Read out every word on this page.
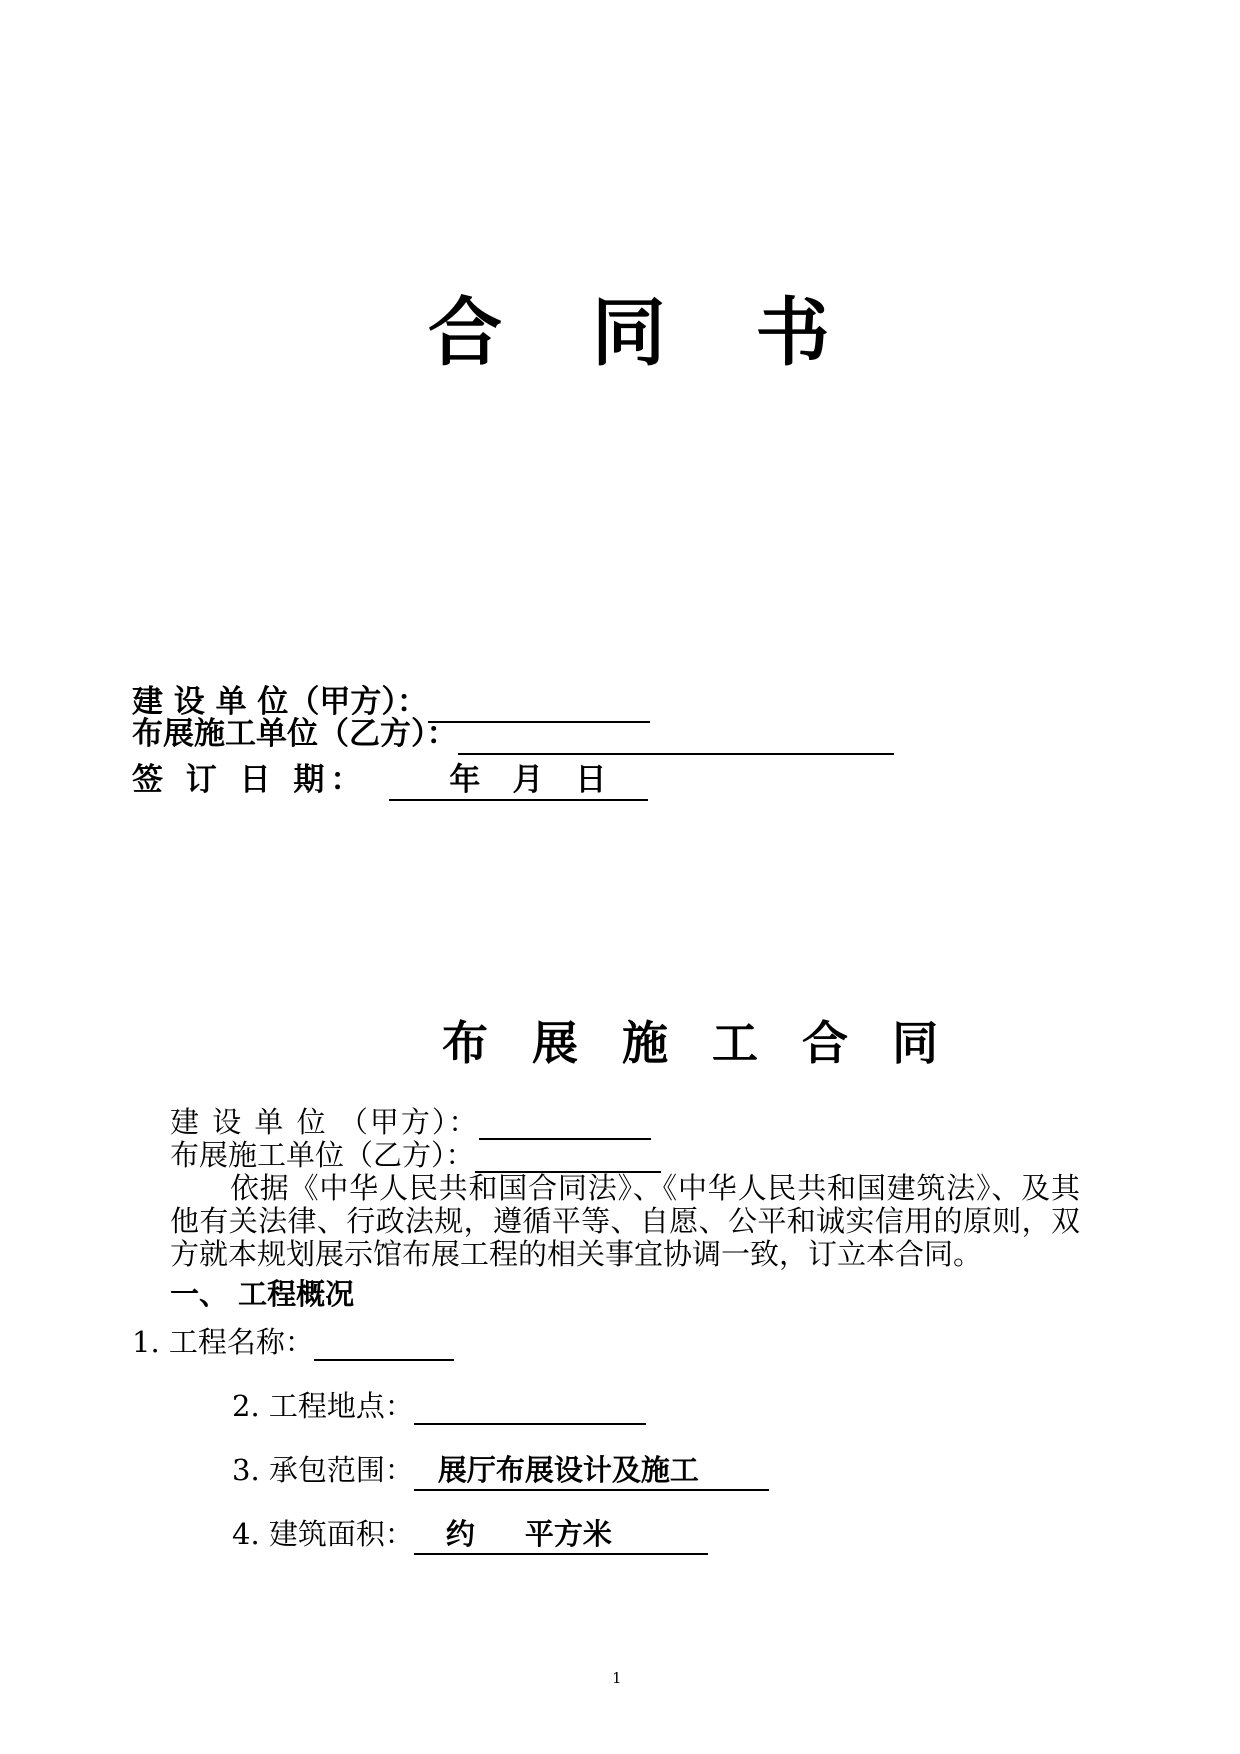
合 同 书
建 设 单 位（甲方）：
布展施工单位（乙方）：
签 订 日 期：	年 月 日
布 展 施 工 合 同
建 设 单 位 （甲方）：
布展施工单位（乙方）：

依据《中华人民共和国合同法》、《中华人民共和国建筑法》、及其他有关法律、行政法规，遵循平等、自愿、公平和诚实信用的原则，双方就本规划展示馆布展工程的相关事宜协调一致，订立本合同。

一、 工程概况
1. 工程名称：
2. 工程地点：
3. 承包范围： 展厅布展设计及施工
4. 建筑面积： 约 平方米
1
